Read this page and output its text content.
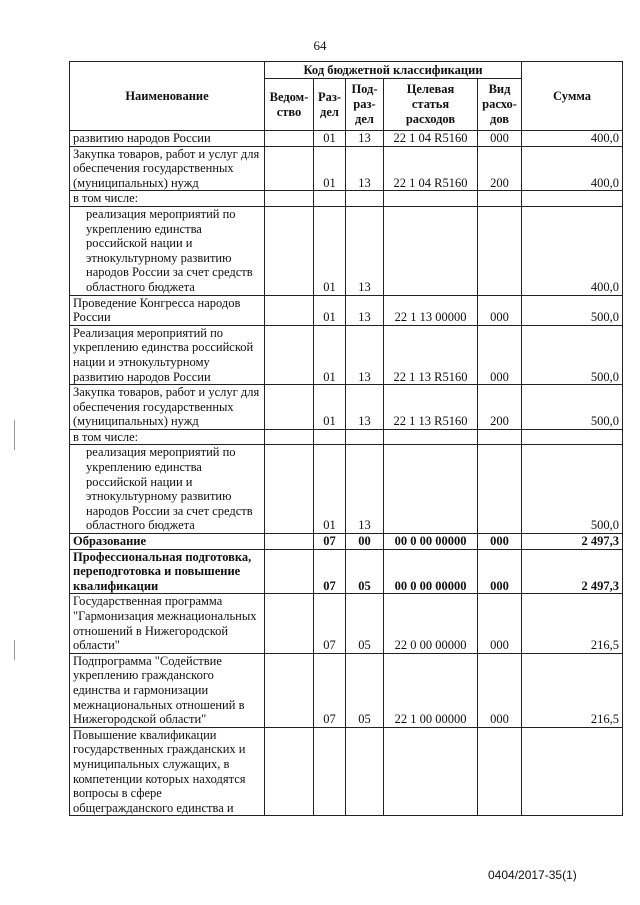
64
Наименование	Код бюджетной классификации					Сумма
	Ведом-ство	Раз-дел	Под-раз-дел	Целевая статья расходов	Вид расхо-дов	
развитию народов России		01	13	22 1 04 R5160	000	400,0
Закупка товаров, работ и услуг для обеспечения государственных (муниципальных) нужд		01	13	22 1 04 R5160	200	400,0
в том числе:						
реализация мероприятий по укреплению единства российской нации и этнокультурному развитию народов России за счет средств областного бюджета		01	13			400,0
Проведение Конгресса народов России		01	13	22 1 13 00000	000	500,0
Реализация мероприятий по укреплению единства российской нации и этнокультурному развитию народов России		01	13	22 1 13 R5160	000	500,0
Закупка товаров, работ и услуг для обеспечения государственных (муниципальных) нужд		01	13	22 1 13 R5160	200	500,0
в том числе:						
реализация мероприятий по укреплению единства российской нации и этнокультурному развитию народов России за счет средств областного бюджета		01	13			500,0
Образование		07	00	00 0 00 00000	000	2 497,3
Профессиональная подготовка, переподготовка и повышение квалификации		07	05	00 0 00 00000	000	2 497,3
Государственная программа "Гармонизация межнациональных отношений в Нижегородской области"		07	05	22 0 00 00000	000	216,5
Подпрограмма "Содействие укреплению гражданского единства и гармонизации межнациональных отношений в Нижегородской области"		07	05	22 1 00 00000	000	216,5
Повышение квалификации государственных гражданских и муниципальных служащих, в компетенции которых находятся вопросы в сфере общегражданского единства и						
0404/2017-35(1)
